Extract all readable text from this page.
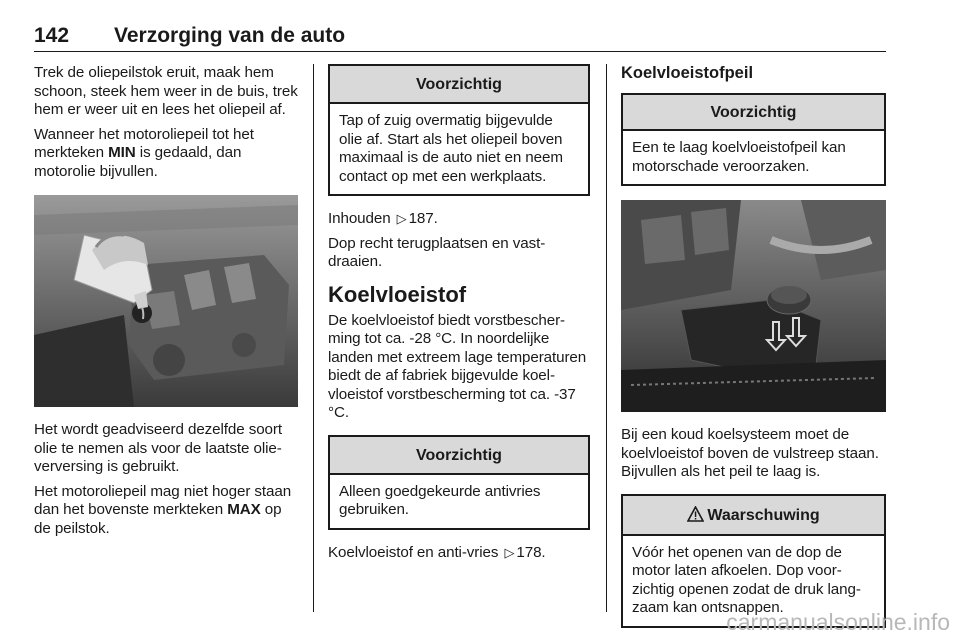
142 Verzorging van de auto

Trek de oliepeilstok eruit, maak hem schoon, steek hem weer in de buis, trek hem er weer uit en lees het oliepeil af.

Wanneer het motoroliepeil tot het merkteken MIN is gedaald, dan motorolie bijvullen.

Het wordt geadviseerd dezelfde soort olie te nemen als voor de laatste olieverversing is gebruikt.

Het motoroliepeil mag niet hoger staan dan het bovenste merkteken MAX op de peilstok.

Voorzichtig

Tap of zuig overmatig bijgevulde olie af. Start als het oliepeil boven maximaal is de auto niet en neem contact op met een werkplaats.

Inhouden ▷ 187.

Dop recht terugplaatsen en vastdraaien.

Koelvloeistof

De koelvloeistof biedt vorstbescherming tot ca. -28 °C. In noordelijke landen met extreem lage temperaturen biedt de af fabriek bijgevulde koelvloeistof vorstbescherming tot ca. -37 °C.

Voorzichtig

Alleen goedgekeurde antivries gebruiken.

Koelvloeistof en anti-vries ▷ 178.

Koelvloeistofpeil
Voorzichtig

Een te laag koelvloeistofpeil kan motorschade veroorzaken.

Bij een koud koelsysteem moet de koelvloeistof boven de vulstreep staan. Bijvullen als het peil te laag is.

Waarschuwing

Vóór het openen van de dop de motor laten afkoelen. Dop voorzichtig openen zodat de druk langzaam kan ontsnappen.

carmanualsonline.info
